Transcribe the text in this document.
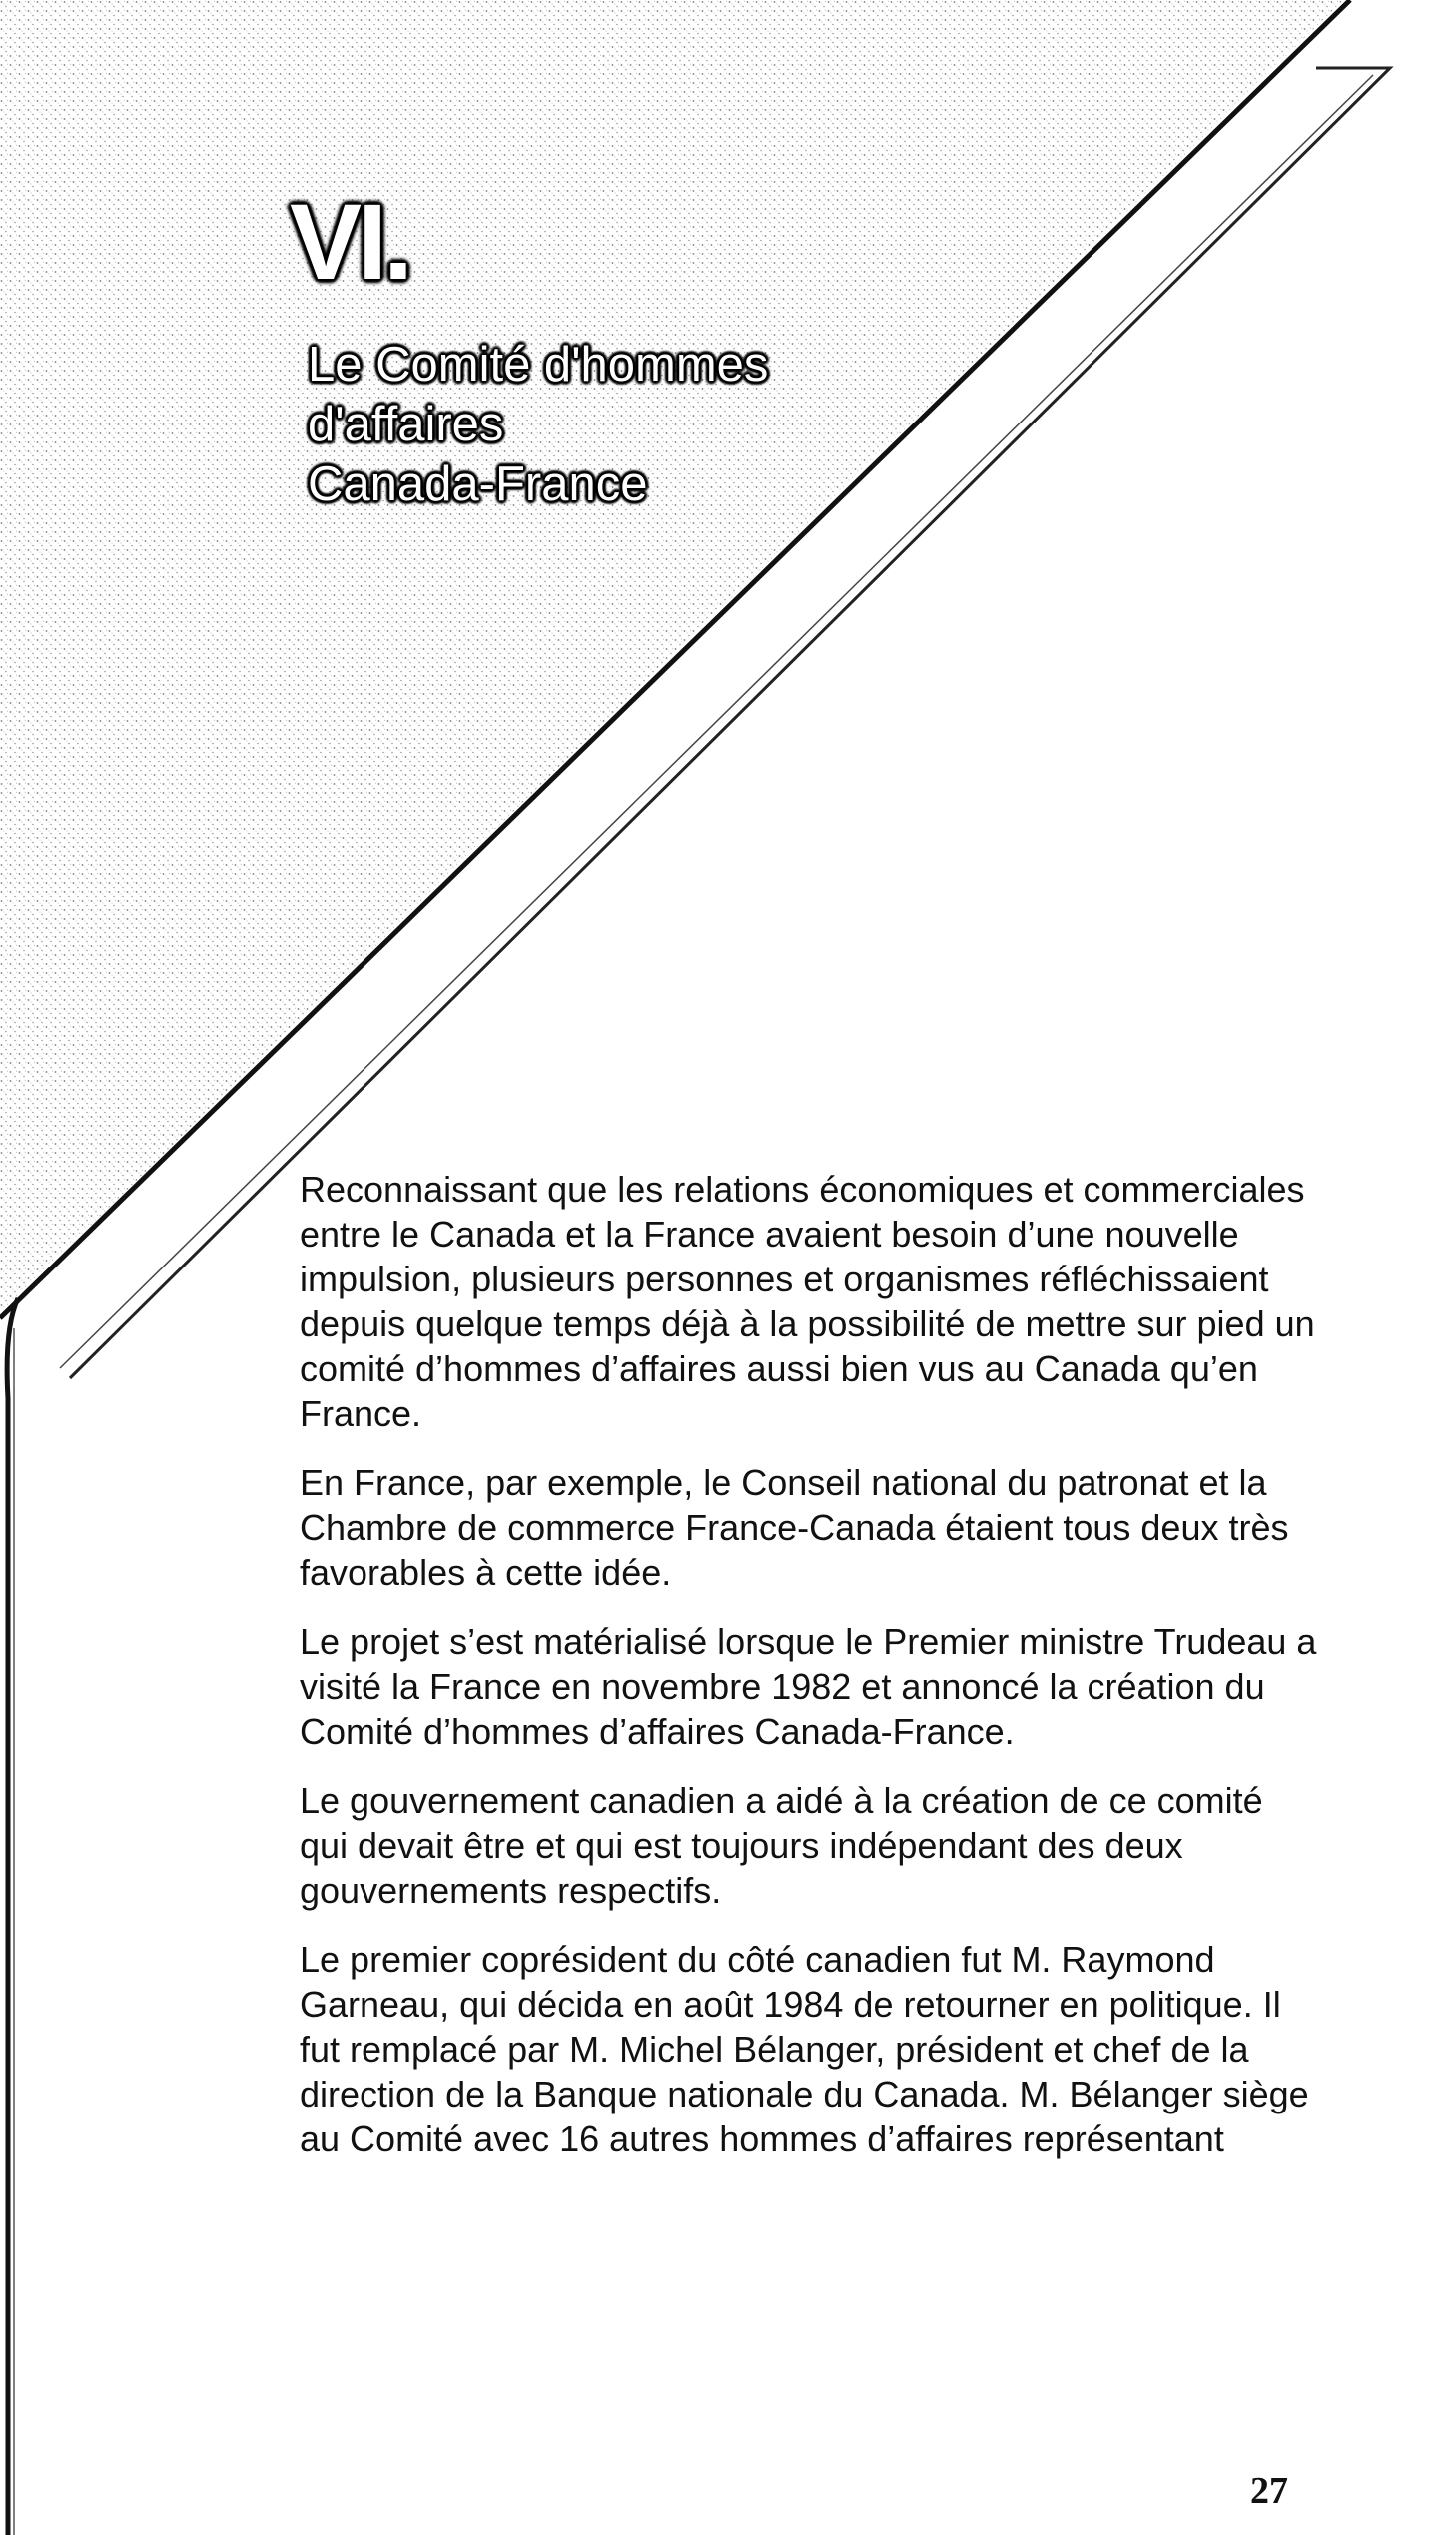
VI.
Le Comité d'hommes
d'affaires
Canada-France

Reconnaissant que les relations économiques et commerciales entre le Canada et la France avaient besoin d’une nouvelle impulsion, plusieurs personnes et organismes réfléchissaient depuis quelque temps déjà à la possibilité de mettre sur pied un comité d’hommes d’affaires aussi bien vus au Canada qu’en France.

En France, par exemple, le Conseil national du patronat et la Chambre de commerce France-Canada étaient tous deux très favorables à cette idée.

Le projet s’est matérialisé lorsque le Premier ministre Trudeau a visité la France en novembre 1982 et annoncé la création du Comité d’hommes d’affaires Canada-France.

Le gouvernement canadien a aidé à la création de ce comité qui devait être et qui est toujours indépendant des deux gouvernements respectifs.

Le premier coprésident du côté canadien fut M. Raymond Garneau, qui décida en août 1984 de retourner en politique. Il fut remplacé par M. Michel Bélanger, président et chef de la direction de la Banque nationale du Canada. M. Bélanger siège au Comité avec 16 autres hommes d’affaires représentant

27
